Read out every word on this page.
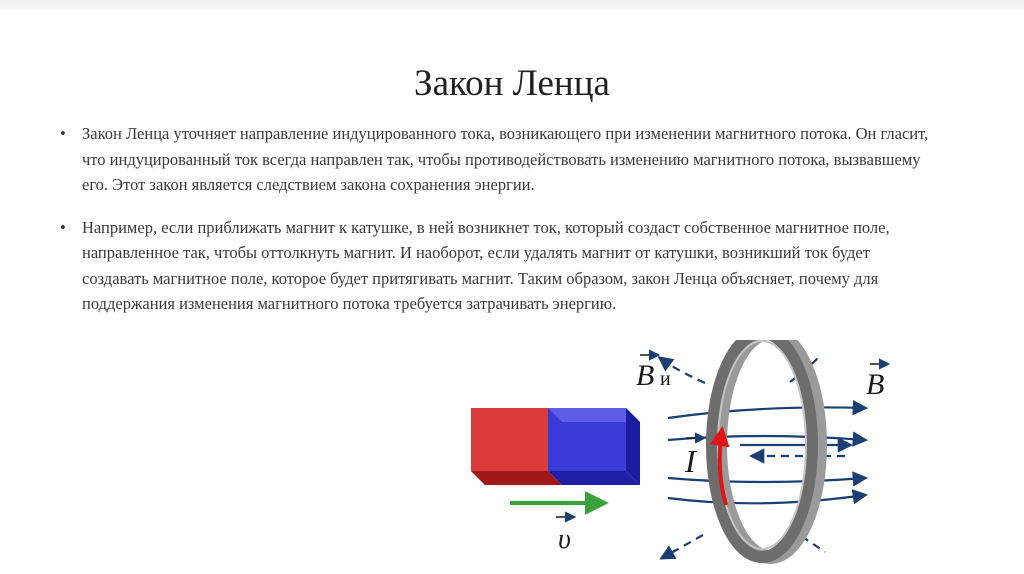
Закон Ленца
• Закон Ленца уточняет направление индуцированного тока, возникающего при изменении магнитного потока. Он гласит, что индуцированный ток всегда направлен так, чтобы противодействовать изменению магнитного потока, вызвавшему его. Этот закон является следствием закона сохранения энергии.
• Например, если приближать магнит к катушке, в ней возникнет ток, который создаст собственное магнитное поле, направленное так, чтобы оттолкнуть магнит. И наоборот, если удалять магнит от катушки, возникший ток будет создавать магнитное поле, которое будет притягивать магнит. Таким образом, закон Ленца объясняет, почему для поддержания изменения магнитного потока требуется затрачивать энергию.
υ
B и	B
I
